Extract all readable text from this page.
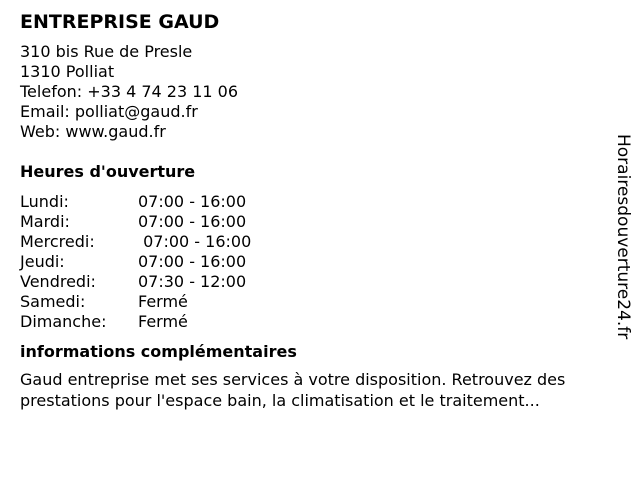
ENTREPRISE GAUD
310 bis Rue de Presle
1310 Polliat
Telefon: +33 4 74 23 11 06
Email: polliat@gaud.fr
Web: www.gaud.fr
Heures d'ouverture
Lundi:	07:00 - 16:00
Mardi:	07:00 - 16:00
Mercredi:	07:00 - 16:00
Jeudi:	07:00 - 16:00
Vendredi:	07:30 - 12:00
Samedi:	Fermé
Dimanche:	Fermé
informations complémentaires
Gaud entreprise met ses services à votre disposition. Retrouvez des prestations pour l'espace bain, la climatisation et le traitement...
Horairesdouverture24.fr
